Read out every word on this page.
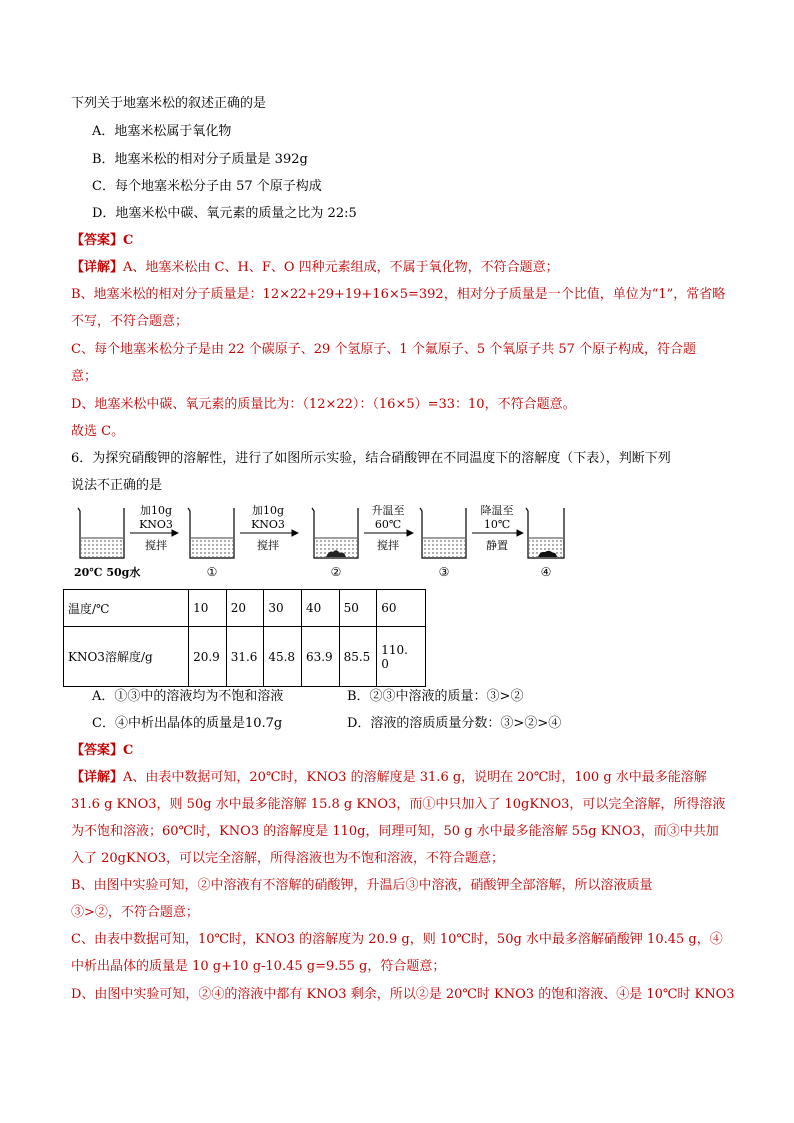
下列关于地塞米松的叙述正确的是
A．地塞米松属于氧化物
B．地塞米松的相对分子质量是 392g
C．每个地塞米松分子由 57 个原子构成
D．地塞米松中碳、氧元素的质量之比为 22:5
【答案】C
【详解】A、地塞米松由 C、H、F、O 四种元素组成，不属于氧化物，不符合题意；
B、地塞米松的相对分子质量是：12×22+29+19+16×5=392，相对分子质量是一个比值，单位为“1”，常省略
不写，不符合题意；
C、每个地塞米松分子是由 22 个碳原子、29 个氢原子、1 个氟原子、5 个氧原子共 57 个原子构成，符合题
意；
D、地塞米松中碳、氧元素的质量比为：（12×22）：（16×5）=33：10，不符合题意。
故选 C。
6．为探究硝酸钾的溶解性，进行了如图所示实验，结合硝酸钾在不同温度下的溶解度（下表），判断下列
说法不正确的是
加10g
KNO3
搅拌
加10g
KNO3
搅拌
升温至
60℃
搅拌
降温至
10℃
静置
20℃ 50g水	①	②	③	④
温度/℃	10	20	30	40	50	60
KNO3溶解度/g	20.9	31.6	45.8	63.9	85.5	110.
0
A．①③中的溶液均为不饱和溶液	B．②③中溶液的质量：③>②
C．④中析出晶体的质量是10.7g	D．溶液的溶质质量分数：③>②>④
【答案】C
【详解】A、由表中数据可知，20℃时，KNO3 的溶解度是 31.6 g，说明在 20℃时，100 g 水中最多能溶解
31.6 g KNO3，则 50g 水中最多能溶解 15.8 g KNO3，而①中只加入了 10gKNO3，可以完全溶解，所得溶液
为不饱和溶液；60℃时，KNO3 的溶解度是 110g，同理可知，50 g 水中最多能溶解 55g KNO3，而③中共加
入了 20gKNO3，可以完全溶解，所得溶液也为不饱和溶液，不符合题意；
B、由图中实验可知，②中溶液有不溶解的硝酸钾，升温后③中溶液，硝酸钾全部溶解，所以溶液质量
③>②，不符合题意；
C、由表中数据可知，10℃时，KNO3 的溶解度为 20.9 g，则 10℃时，50g 水中最多溶解硝酸钾 10.45 g，④
中析出晶体的质量是 10 g+10 g-10.45 g=9.55 g，符合题意；
D、由图中实验可知，②④的溶液中都有 KNO3 剩余，所以②是 20℃时 KNO3 的饱和溶液、④是 10℃时 KNO3
